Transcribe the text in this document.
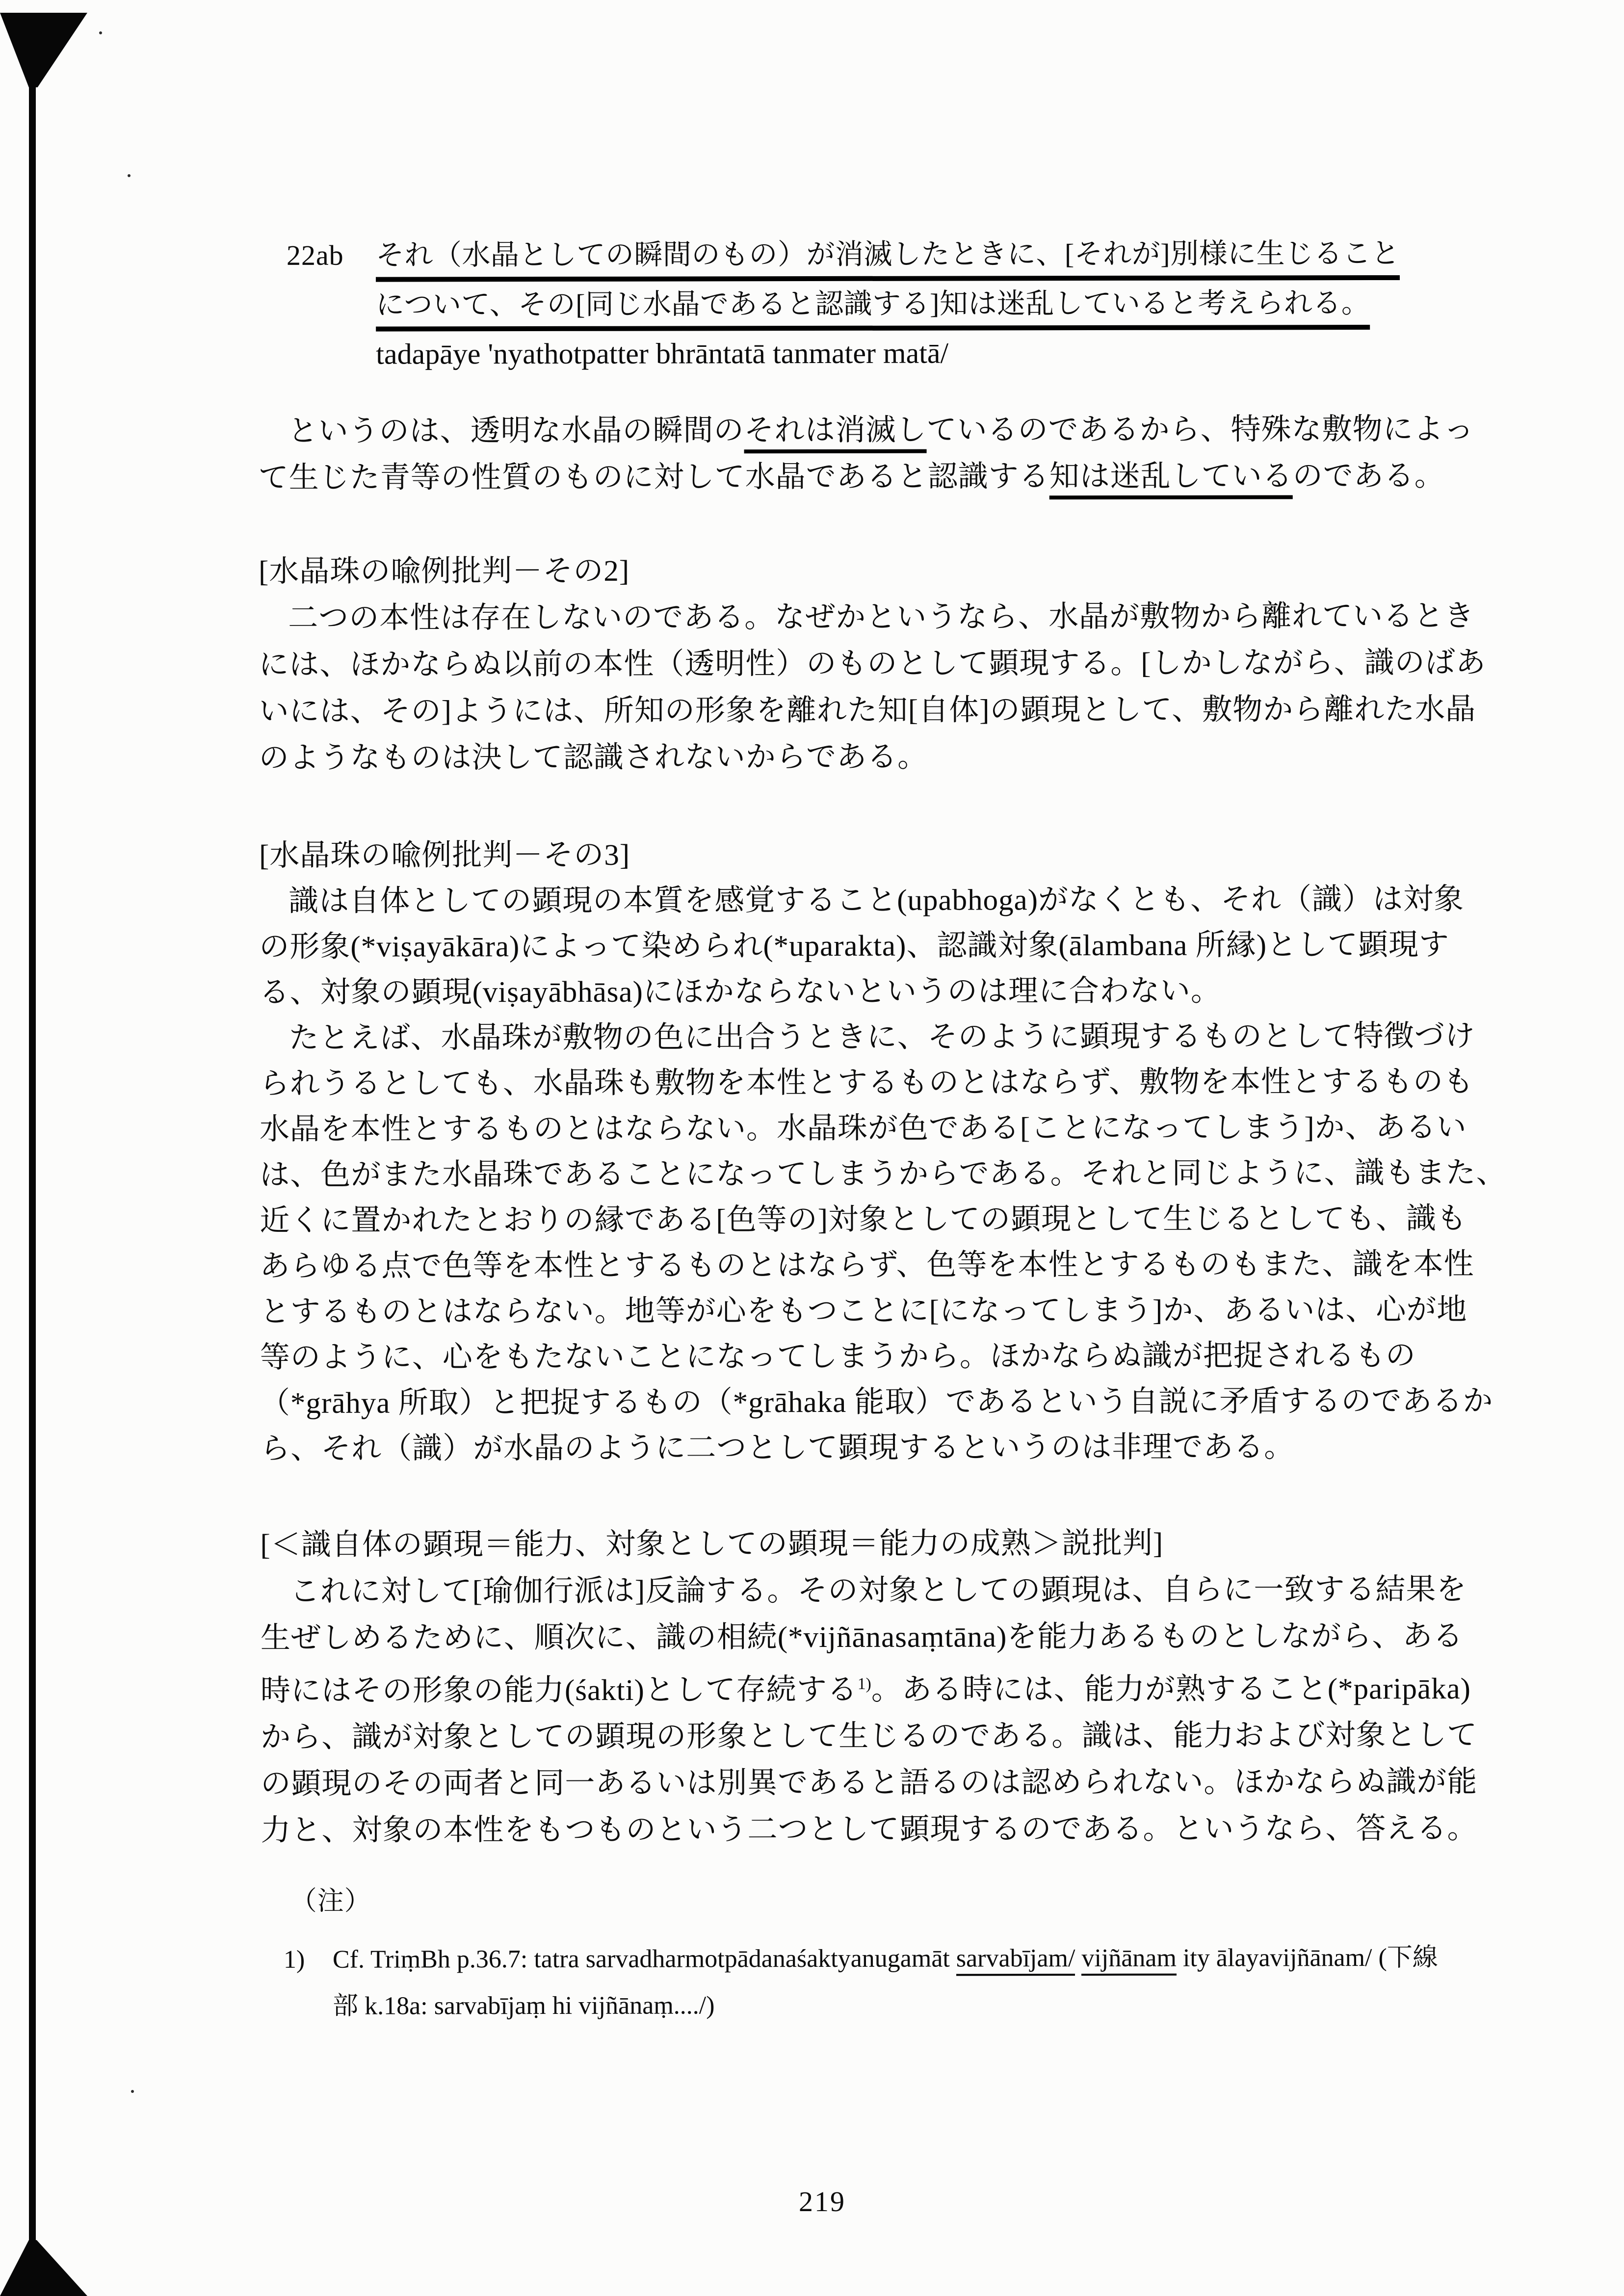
22ab	それ（水晶としての瞬間のもの）が消滅したときに、[それが]別様に生じること
について、その[同じ水晶であると認識する]知は迷乱していると考えられる。
tadapāye 'nyathotpatter bhrāntatā tanmater matā/
というのは、透明な水晶の瞬間のそれは消滅しているのであるから、特殊な敷物によっ
て生じた青等の性質のものに対して水晶であると認識する知は迷乱しているのである。
[水晶珠の喩例批判－その2]
二つの本性は存在しないのである。なぜかというなら、水晶が敷物から離れているとき
には、ほかならぬ以前の本性（透明性）のものとして顕現する。[しかしながら、識のばあ
いには、その]ようには、所知の形象を離れた知[自体]の顕現として、敷物から離れた水晶
のようなものは決して認識されないからである。
[水晶珠の喩例批判－その3]
識は自体としての顕現の本質を感覚すること(upabhoga)がなくとも、それ（識）は対象
の形象(*viṣayākāra)によって染められ(*uparakta)、認識対象(ālambana 所縁)として顕現す
る、対象の顕現(viṣayābhāsa)にほかならないというのは理に合わない。
たとえば、水晶珠が敷物の色に出合うときに、そのように顕現するものとして特徴づけ
られうるとしても、水晶珠も敷物を本性とするものとはならず、敷物を本性とするものも
水晶を本性とするものとはならない。水晶珠が色である[ことになってしまう]か、あるい
は、色がまた水晶珠であることになってしまうからである。それと同じように、識もまた、
近くに置かれたとおりの縁である[色等の]対象としての顕現として生じるとしても、識も
あらゆる点で色等を本性とするものとはならず、色等を本性とするものもまた、識を本性
とするものとはならない。地等が心をもつことに[になってしまう]か、あるいは、心が地
等のように、心をもたないことになってしまうから。ほかならぬ識が把捉されるもの
（*grāhya 所取）と把捉するもの（*grāhaka 能取）であるという自説に矛盾するのであるか
ら、それ（識）が水晶のように二つとして顕現するというのは非理である。
[＜識自体の顕現＝能力、対象としての顕現＝能力の成熟＞説批判]
これに対して[瑜伽行派は]反論する。その対象としての顕現は、自らに一致する結果を
生ぜしめるために、順次に、識の相続(*vijñānasaṃtāna)を能力あるものとしながら、ある
時にはその形象の能力(śakti)として存続する$^{1)}$。ある時には、能力が熟すること(*paripāka)
から、識が対象としての顕現の形象として生じるのである。識は、能力および対象として
の顕現のその両者と同一あるいは別異であると語るのは認められない。ほかならぬ識が能
力と、対象の本性をもつものという二つとして顕現するのである。というなら、答える。
（注）
1) Cf. TriṃBh p.36.7: tatra sarvadharmotpādanaśaktyanugamāt sarvabījam/ vijñānam ity ālayavijñānam/ (下線
部 k.18a: sarvabījaṃ hi vijñānaṃ..../)
219
